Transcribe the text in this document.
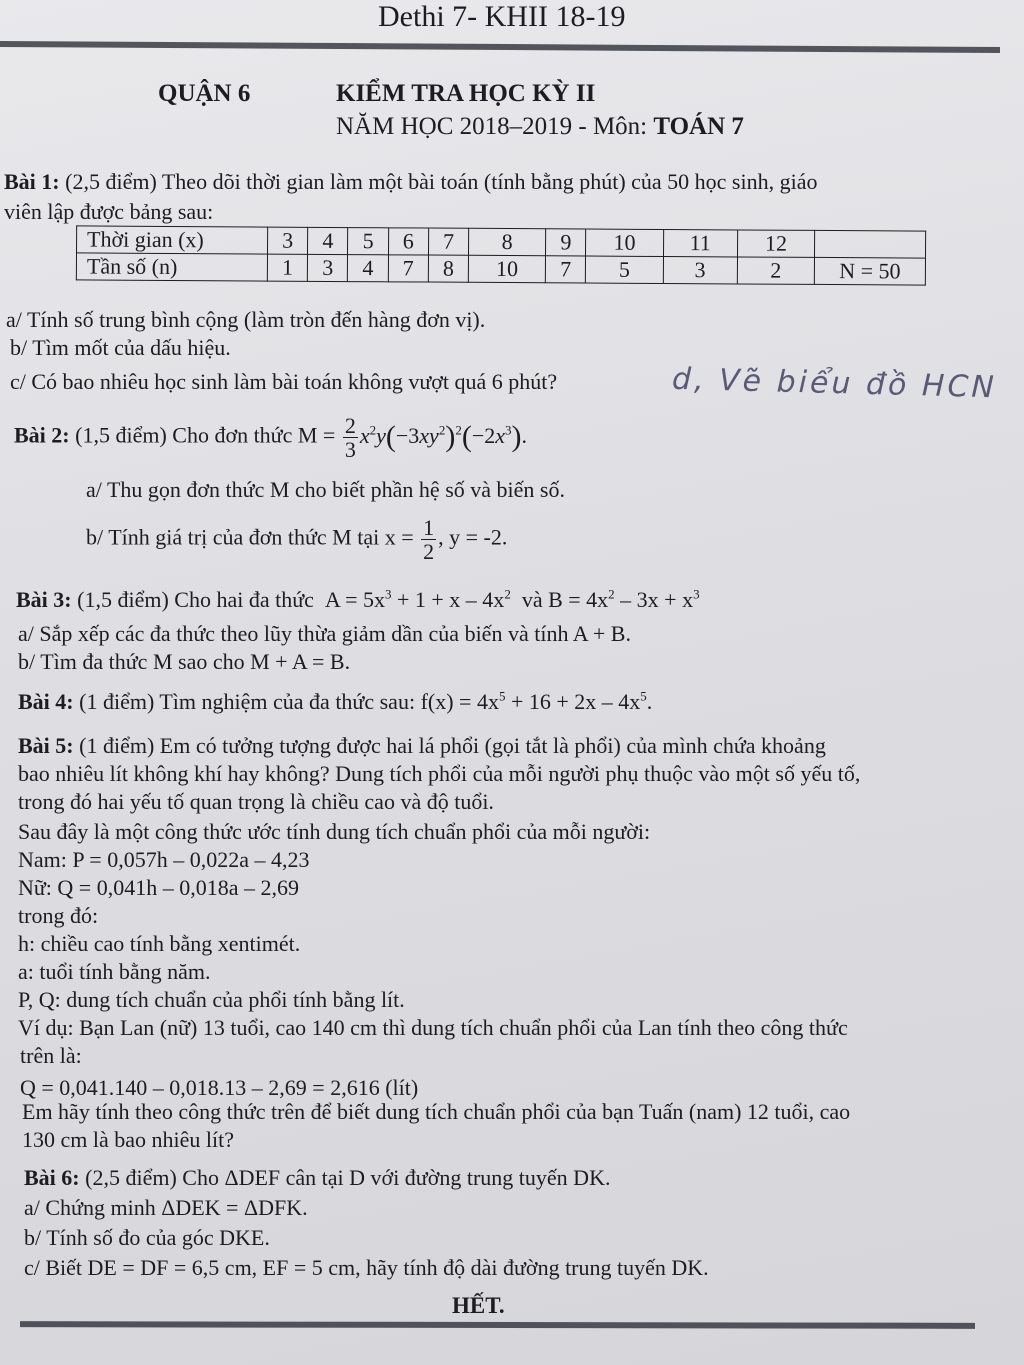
Dethi 7- KHII 18-19
QUẬN 6	KIỂM TRA HỌC KỲ II
NĂM HỌC 2018–2019 - Môn: TOÁN 7
Bài 1: (2,5 điểm) Theo dõi thời gian làm một bài toán (tính bằng phút) của 50 học sinh, giáo
viên lập được bảng sau:
Thời gian (x)	3	4	5	6	7	8	9	10	11	12	
Tần số (n)	1	3	4	7	8	10	7	5	3	2	N = 50
a/ Tính số trung bình cộng (làm tròn đến hàng đơn vị).
b/ Tìm mốt của dấu hiệu.
c/ Có bao nhiêu học sinh làm bài toán không vượt quá 6 phút?	d, Vẽ biểu đồ HCN
Bài 2: (1,5 điểm) Cho đơn thức $M = \frac{2}{3} x^2y(-3xy^2)^2(-2x^3)$.
a/ Thu gọn đơn thức M cho biết phần hệ số và biến số.
b/ Tính giá trị của đơn thức M tại $x = \frac{1}{2}$ , y = -2.
Bài 3: (1,5 điểm) Cho hai đa thức $A = 5x^3 + 1 + x - 4x^2$  và $B = 4x^2 - 3x + x^3$
a/ Sắp xếp các đa thức theo lũy thừa giảm dần của biến và tính A + B.
b/ Tìm đa thức M sao cho M + A = B.
Bài 4: (1 điểm) Tìm nghiệm của đa thức sau: $f(x) = 4x^5 + 16 + 2x - 4x^5$.
Bài 5: (1 điểm) Em có tưởng tượng được hai lá phổi (gọi tắt là phổi) của mình chứa khoảng
bao nhiêu lít không khí hay không? Dung tích phổi của mỗi người phụ thuộc vào một số yếu tố,
trong đó hai yếu tố quan trọng là chiều cao và độ tuổi.
Sau đây là một công thức ước tính dung tích chuẩn phổi của mỗi người:
Nam: P = 0,057h – 0,022a – 4,23
Nữ: Q = 0,041h – 0,018a – 2,69
trong đó:
h: chiều cao tính bằng xentimét.
a: tuổi tính bằng năm.
P, Q: dung tích chuẩn của phổi tính bằng lít.
Ví dụ: Bạn Lan (nữ) 13 tuổi, cao 140 cm thì dung tích chuẩn phổi của Lan tính theo công thức
trên là:
Q = 0,041.140 – 0,018.13 – 2,69 = 2,616 (lít)
Em hãy tính theo công thức trên để biết dung tích chuẩn phổi của bạn Tuấn (nam) 12 tuổi, cao
130 cm là bao nhiêu lít?
Bài 6: (2,5 điểm) Cho ΔDEF cân tại D với đường trung tuyến DK.
a/ Chứng minh ΔDEK = ΔDFK.
b/ Tính số đo của góc DKE.
c/ Biết DE = DF = 6,5 cm, EF = 5 cm, hãy tính độ dài đường trung tuyến DK.
HẾT.
